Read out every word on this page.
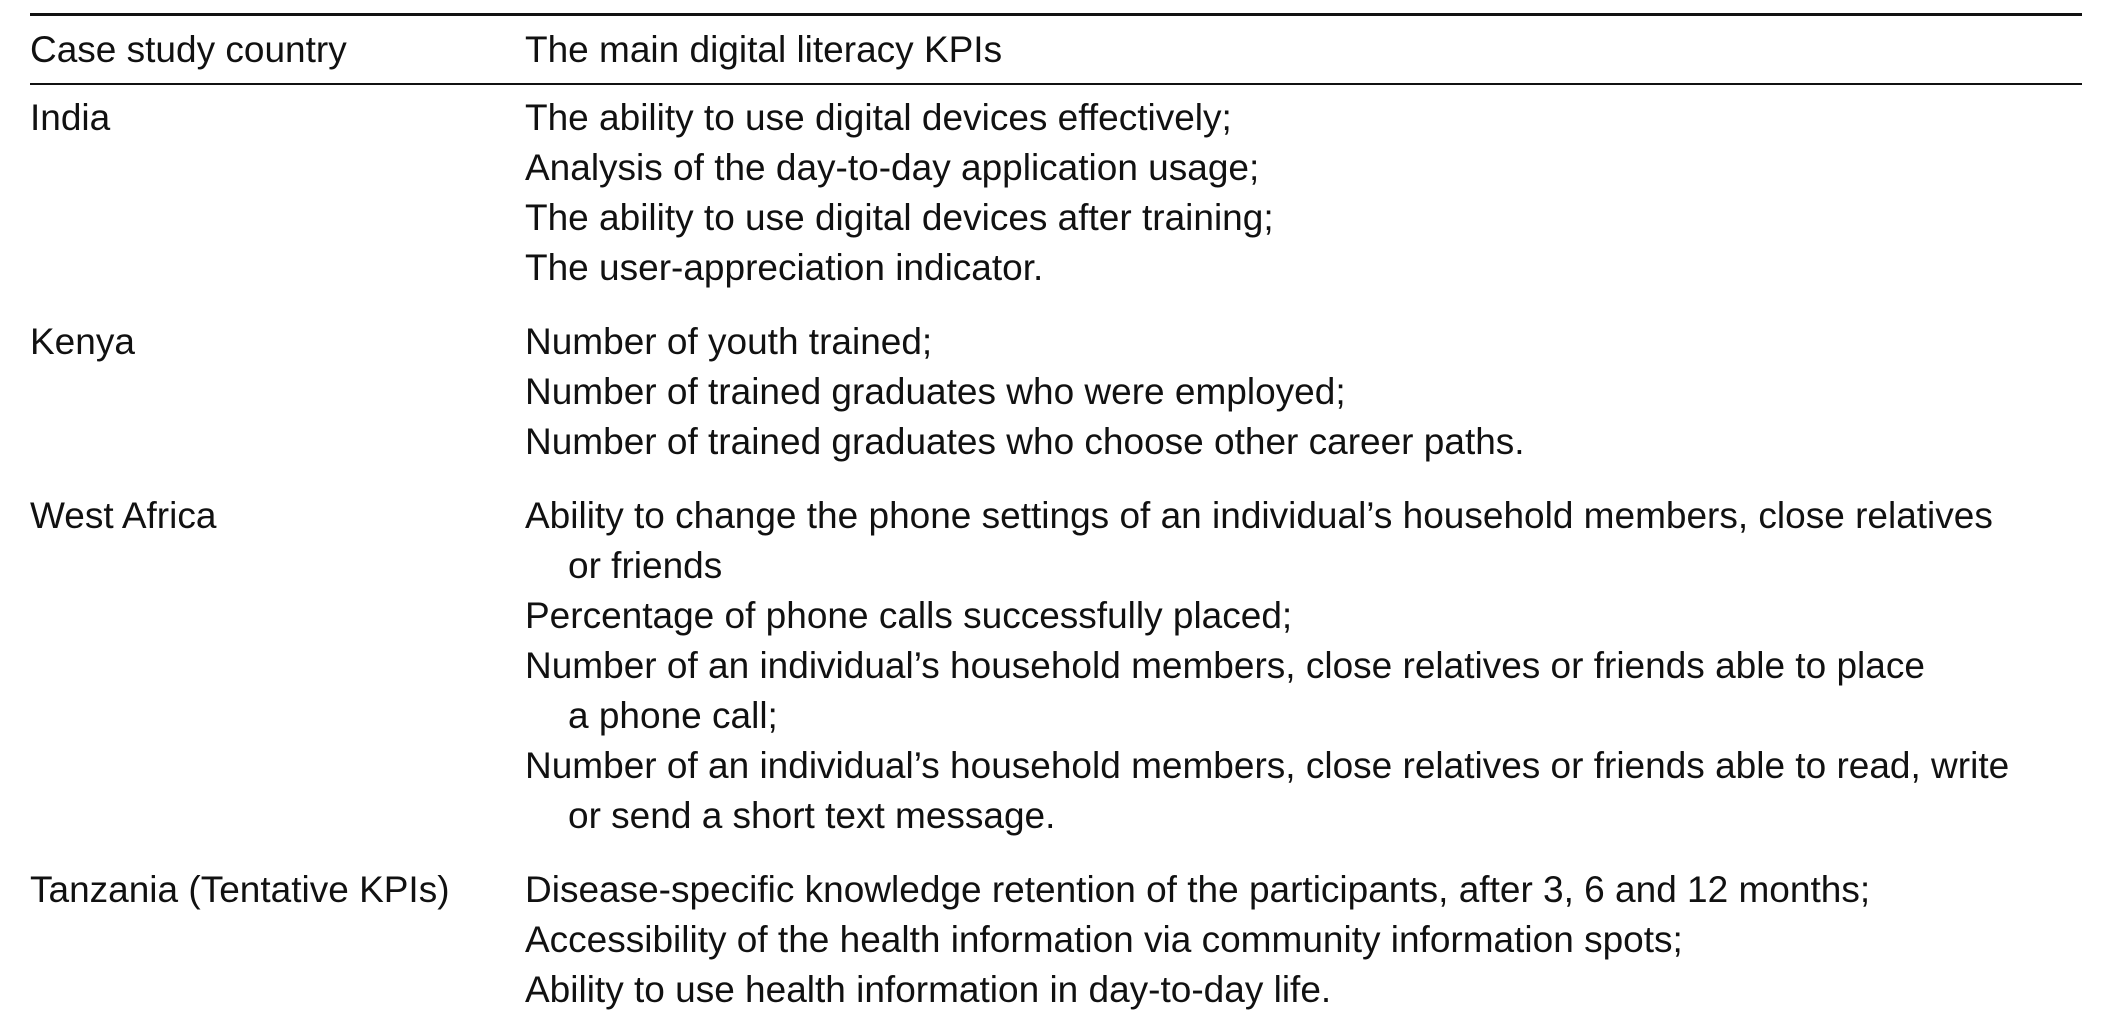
Case study country	The main digital literacy KPIs
India	The ability to use digital devices effectively;
Analysis of the day-to-day application usage;
The ability to use digital devices after training;
The user-appreciation indicator.
Kenya	Number of youth trained;
Number of trained graduates who were employed;
Number of trained graduates who choose other career paths.
West Africa	Ability to change the phone settings of an individual’s household members, close relatives
or friends
Percentage of phone calls successfully placed;
Number of an individual’s household members, close relatives or friends able to place
a phone call;
Number of an individual’s household members, close relatives or friends able to read, write
or send a short text message.
Tanzania (Tentative KPIs)	Disease-specific knowledge retention of the participants, after 3, 6 and 12 months;
Accessibility of the health information via community information spots;
Ability to use health information in day-to-day life.
